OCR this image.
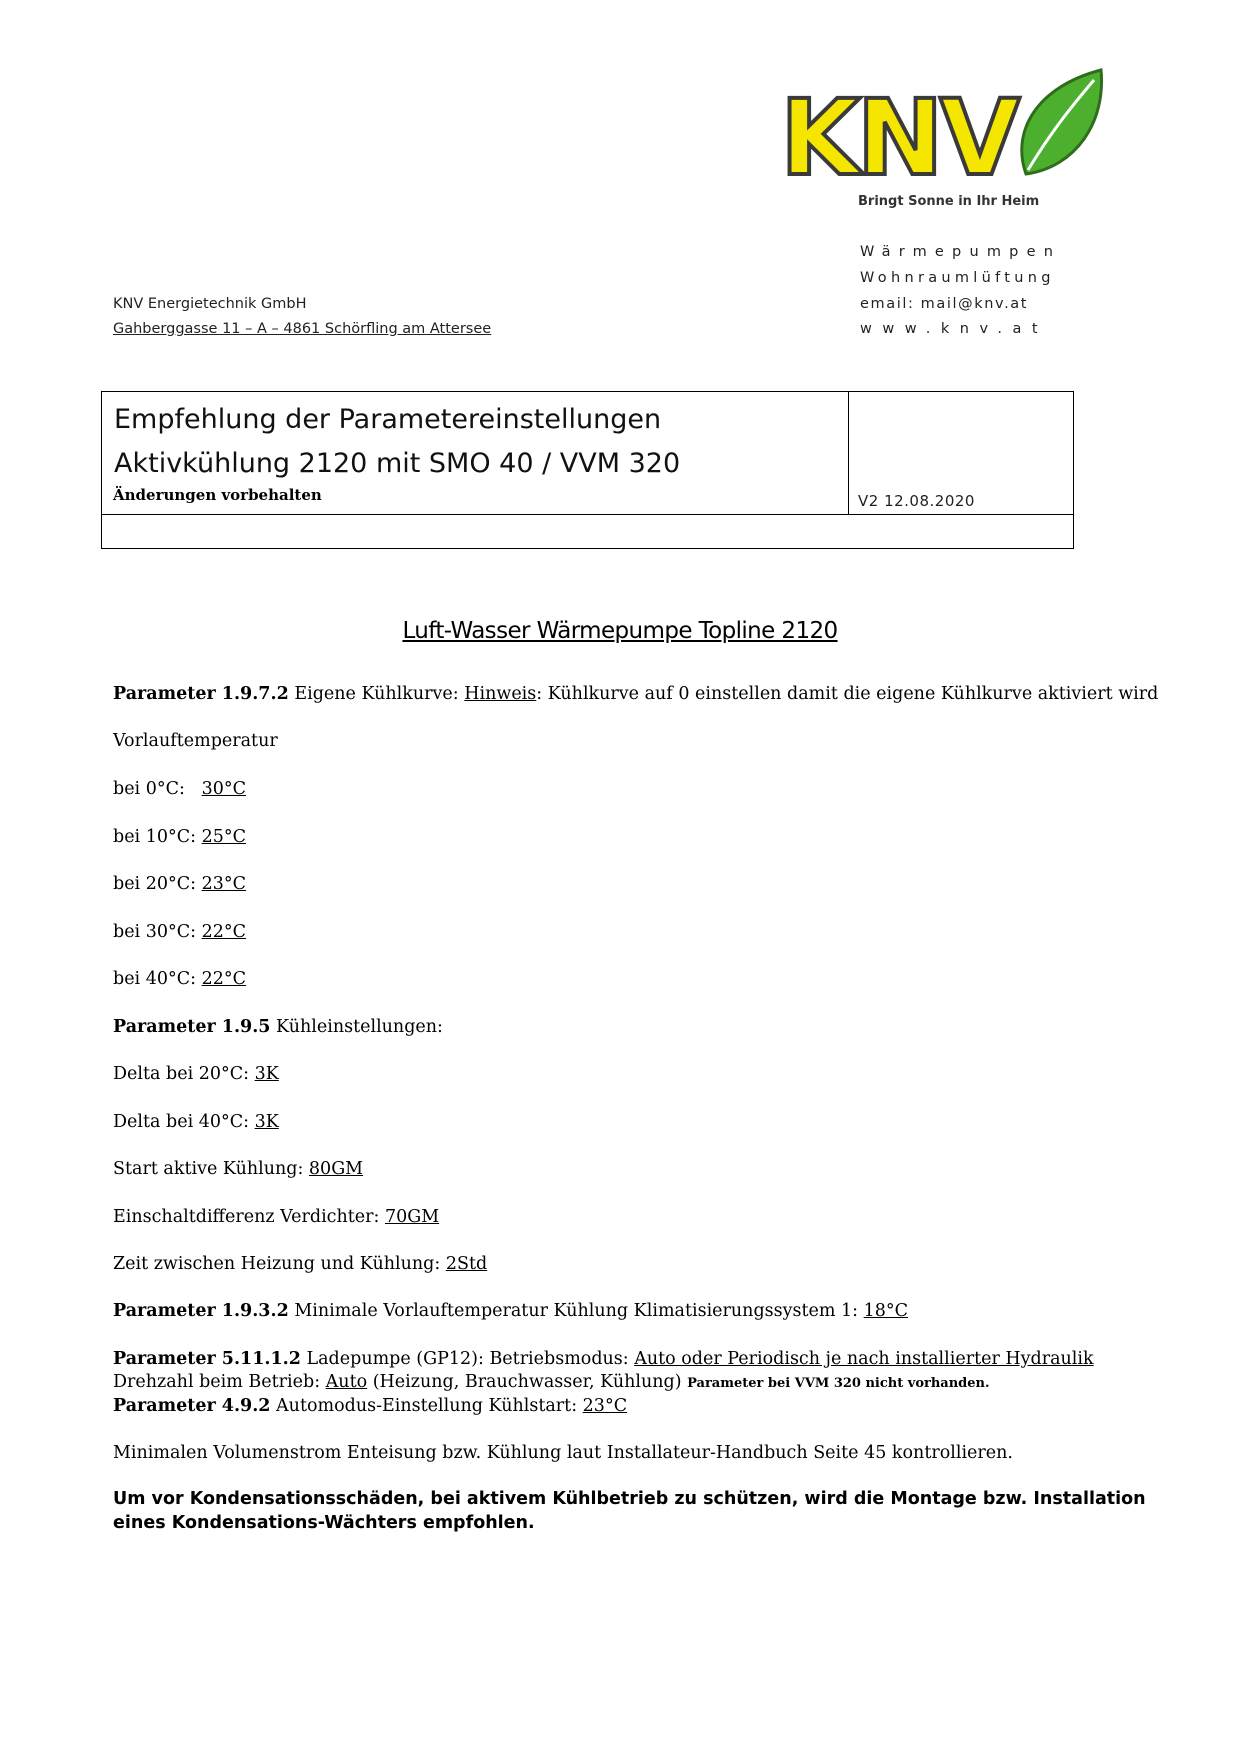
KNV
Bringt Sonne in Ihr Heim
Wärmepumpen
Wohnraumlüftung
email: mail@knv.at
www.knv.at
KNV Energietechnik GmbH
Gahberggasse 11 – A – 4861 Schörfling am Attersee
Empfehlung der Parametereinstellungen
Aktivkühlung 2120 mit SMO 40 / VVM 320
Änderungen vorbehalten	V2 12.08.2020
Luft-Wasser Wärmepumpe Topline 2120
Parameter 1.9.7.2 Eigene Kühlkurve: Hinweis: Kühlkurve auf 0 einstellen damit die eigene Kühlkurve aktiviert wird
Vorlauftemperatur
bei 0°C:   30°C
bei 10°C: 25°C
bei 20°C: 23°C
bei 30°C: 22°C
bei 40°C: 22°C
Parameter 1.9.5 Kühleinstellungen:
Delta bei 20°C: 3K
Delta bei 40°C: 3K
Start aktive Kühlung: 80GM
Einschaltdifferenz Verdichter: 70GM
Zeit zwischen Heizung und Kühlung: 2Std
Parameter 1.9.3.2 Minimale Vorlauftemperatur Kühlung Klimatisierungssystem 1: 18°C
Parameter 5.11.1.2 Ladepumpe (GP12): Betriebsmodus: Auto oder Periodisch je nach installierter Hydraulik
Drehzahl beim Betrieb: Auto (Heizung, Brauchwasser, Kühlung) Parameter bei VVM 320 nicht vorhanden.
Parameter 4.9.2 Automodus-Einstellung Kühlstart: 23°C
Minimalen Volumenstrom Enteisung bzw. Kühlung laut Installateur-Handbuch Seite 45 kontrollieren.
Um vor Kondensationsschäden, bei aktivem Kühlbetrieb zu schützen, wird die Montage bzw. Installation
eines Kondensations-Wächters empfohlen.
